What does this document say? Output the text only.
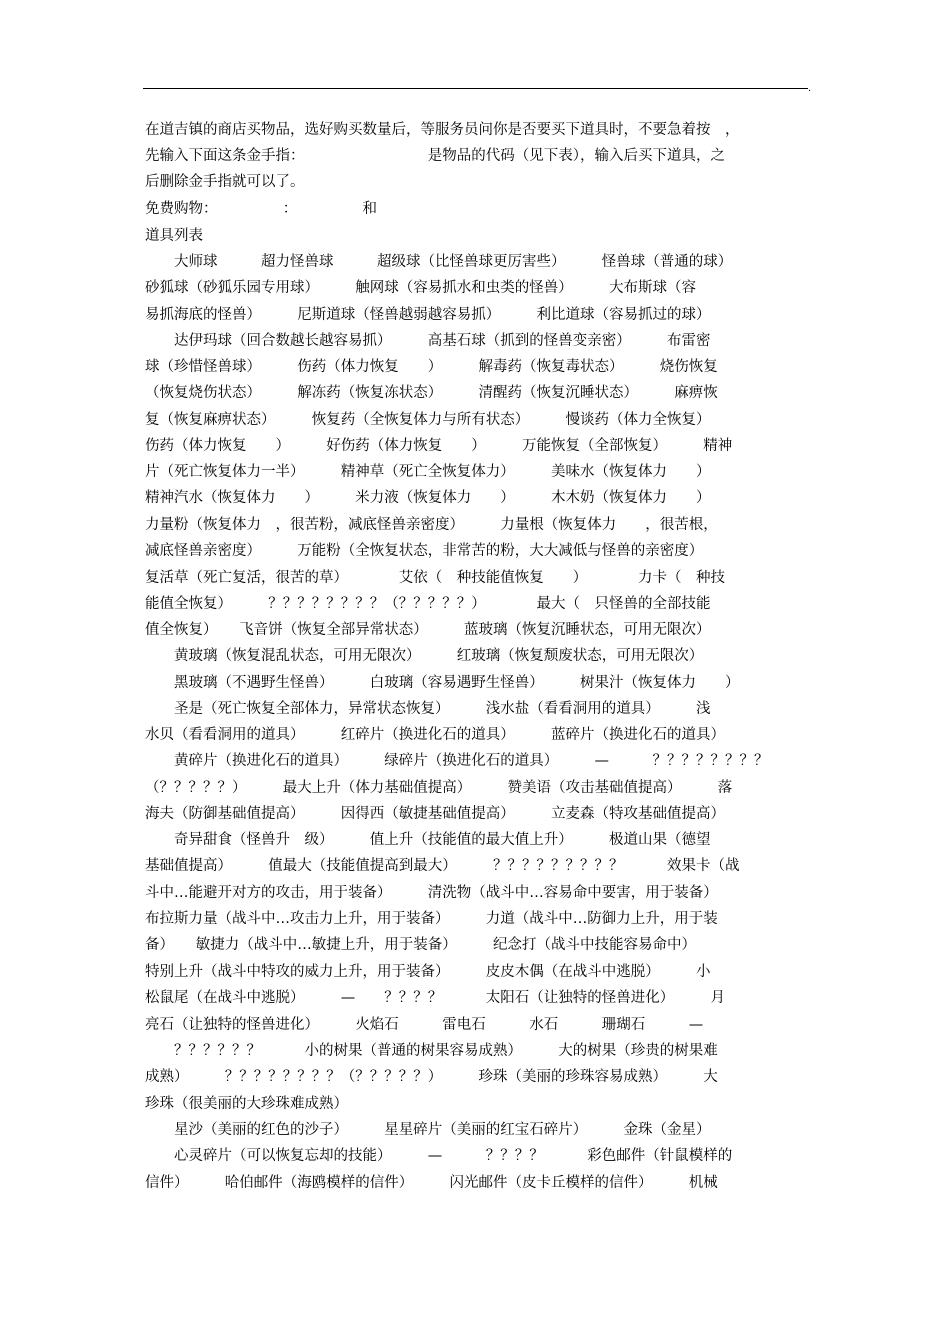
.
在道吉镇的商店买物品，选好购买数量后，等服务员问你是否要买下道具时，不要急着按　，
先输入下面这条金手指：　　　　　　　　　是物品的代码（见下表），输入后买下道具，之
后删除金手指就可以了。
免费购物：　　　　　：　　　　　和
道具列表
　　大师球　　　超力怪兽球　　　超级球（比怪兽球更厉害些）　　　怪兽球（普通的球）
砂狐球（砂狐乐园专用球）　　　触网球（容易抓水和虫类的怪兽）　　　大布斯球（容
易抓海底的怪兽）　　　尼斯道球（怪兽越弱越容易抓）　　　利比道球（容易抓过的球）
　　达伊玛球（回合数越长越容易抓）　　　高基石球（抓到的怪兽变亲密）　　　布雷密
球（珍惜怪兽球）　　　伤药（体力恢复　　）　　　解毒药（恢复毒状态）　　　烧伤恢复
（恢复烧伤状态）　　　解冻药（恢复冻状态）　　　清醒药（恢复沉睡状态）　　　麻痹恢
复（恢复麻痹状态）　　　恢复药（全恢复体力与所有状态）　　　慢谈药（体力全恢复）
伤药（体力恢复　　）　　　好伤药（体力恢复　　）　　　万能恢复（全部恢复）　　　精神
片（死亡恢复体力一半）　　　精神草（死亡全恢复体力）　　　美味水（恢复体力　　）
精神汽水（恢复体力　　）　　　米力液（恢复体力　　）　　　木木奶（恢复体力　　）
力量粉（恢复体力　，很苦粉，减底怪兽亲密度）　　　力量根（恢复体力　　，很苦根，
减底怪兽亲密度）　　　万能粉（全恢复状态，非常苦的粉，大大减低与怪兽的亲密度）
复活草（死亡复活，很苦的草）　　　　艾依（　种技能值恢复　　）　　　　力卡（　种技
能值全恢复）　　　？？？？？？？？（？？？？？）　　　　最大（　只怪兽的全部技能
值全恢复）　　飞音饼（恢复全部异常状态）　　　蓝玻璃（恢复沉睡状态，可用无限次）
　　黄玻璃（恢复混乱状态，可用无限次）　　　红玻璃（恢复颓废状态，可用无限次）
　　黑玻璃（不遇野生怪兽）　　　白玻璃（容易遇野生怪兽）　　　树果汁（恢复体力　　）
　　圣是（死亡恢复全部体力，异常状态恢复）　　　浅水盐（看看洞用的道具）　　　浅
水贝（看看洞用的道具）　　　红碎片（换进化石的道具）　　　蓝碎片（换进化石的道具）
　　黄碎片（换进化石的道具）　　　绿碎片（换进化石的道具）　　　—　　　？？？？？？？？
（？？？？？）　　　最大上升（体力基础值提高）　　　赞美语（攻击基础值提高）　　　落
海夫（防御基础值提高）　　　因得西（敏捷基础值提高）　　　立麦森（特攻基础值提高）
　　奇异甜食（怪兽升　级）　　　值上升（技能值的最大值上升）　　　极道山果（德望
基础值提高）　　　值最大（技能值提高到最大）　　　？？？？？？？？？　　　效果卡（战
斗中…能避开对方的攻击，用于装备）　　　清洗物（战斗中…容易命中要害，用于装备）
布拉斯力量（战斗中…攻击力上升，用于装备）　　　力道（战斗中…防御力上升，用于装
备）　　敏捷力（战斗中…敏捷上升，用于装备）　　　纪念打（战斗中技能容易命中）
特别上升（战斗中特攻的威力上升，用于装备）　　　皮皮木偶（在战斗中逃脱）　　　小
松鼠尾（在战斗中逃脱）　　　—　　？？？？　　　太阳石（让独特的怪兽进化）　　　月
亮石（让独特的怪兽进化）　　　火焰石　　　雷电石　　　水石　　　珊瑚石　　　—
　　？？？？？？　　　小的树果（普通的树果容易成熟）　　　大的树果（珍贵的树果难
成熟）　　　？？？？？？？？（？？？？？）　　　珍珠（美丽的珍珠容易成熟）　　　大
珍珠（很美丽的大珍珠难成熟）
　　星沙（美丽的红色的沙子）　　　星星碎片（美丽的红宝石碎片）　　　金珠（金星）
　　心灵碎片（可以恢复忘却的技能）　　　—　　　？？？？　　　彩色邮件（针鼠模样的
信件）　　　哈伯邮件（海鸥模样的信件）　　　闪光邮件（皮卡丘模样的信件）　　　机械
